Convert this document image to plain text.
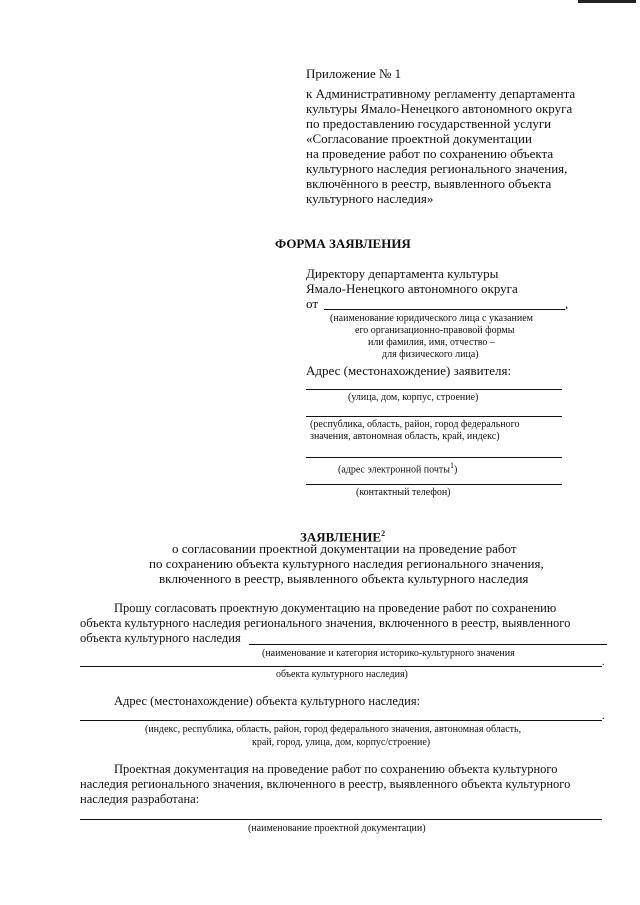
Приложение № 1

к Административному регламенту департамента

культуры Ямало-Ненецкого автономного округа

по предоставлению государственной услуги

«Согласование проектной документации

на проведение работ по сохранению объекта

культурного наследия регионального значения,

включённого в реестр, выявленного объекта

культурного наследия»

ФОРМА ЗАЯВЛЕНИЯ

Директору департамента культуры

Ямало-Ненецкого автономного округа

от	,

(наименование юридического лица с указанием

его организационно-правовой формы

или фамилия, имя, отчество –

для физического лица)

Адрес (местонахождение) заявителя:

(улица, дом, корпус, строение)

(республика, область, район, город федерального

значения, автономная область, край, индекс)

(адрес электронной почты$^1$)

(контактный телефон)

ЗАЯВЛЕНИЕ$^2$

о согласовании проектной документации на проведение работ

по сохранению объекта культурного наследия регионального значения,

включенного в реестр, выявленного объекта культурного наследия

Прошу согласовать проектную документацию на проведение работ по сохранению

объекта культурного наследия регионального значения, включенного в реестр, выявленного

объекта культурного наследия

(наименование и категория историко-культурного значения

.

объекта культурного наследия)

Адрес (местонахождение) объекта культурного наследия:

.

(индекс, республика, область, район, город федерального значения, автономная область,

край, город, улица, дом, корпус/строение)

Проектная документация на проведение работ по сохранению объекта культурного

наследия регионального значения, включенного в реестр, выявленного объекта культурного

наследия разработана:

(наименование проектной документации)
